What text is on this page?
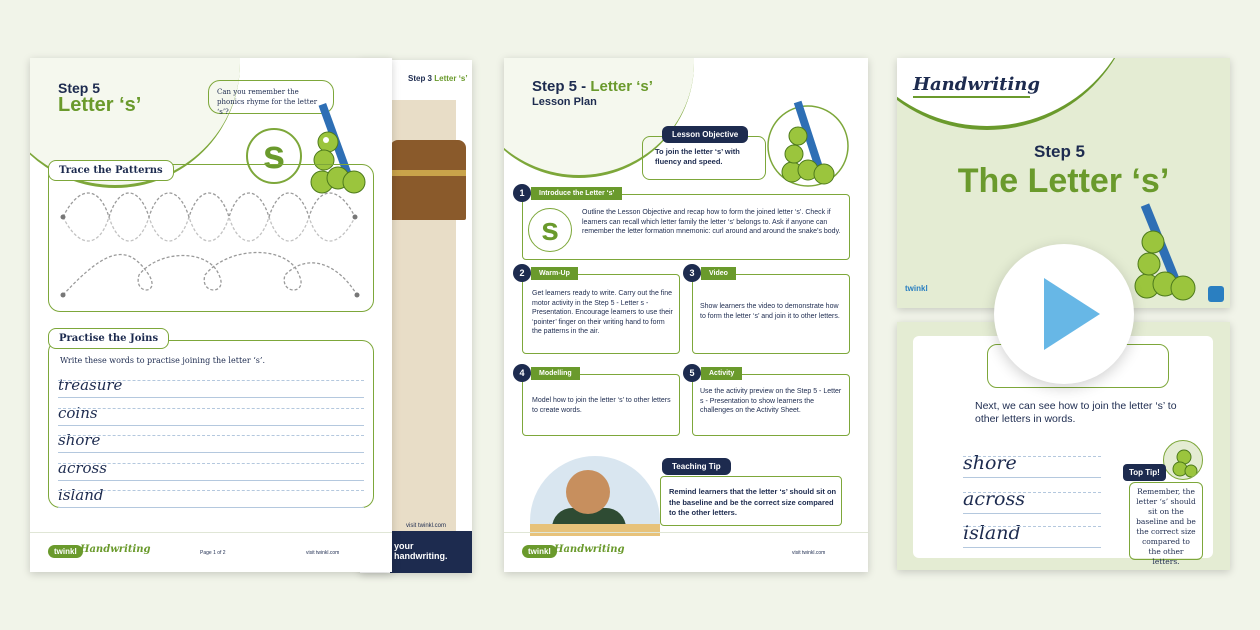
Step 3 Letter ‘s’
your handwriting.
visit twinkl.com
Step 5
Letter ‘s’
Can you remember the phonics rhyme for the letter ‘s’?
s
Trace the Patterns
Practise the Joins
Write these words to practise joining the letter ‘s’.
treasure
coins
shore
across
island
twinkl Handwriting	Page 1 of 2	visit twinkl.com
Step 5 - Letter ‘s’
Lesson Plan
To join the letter ‘s’ with fluency and speed.
Lesson Objective
1	Introduce the Letter ‘s’
s	Outline the Lesson Objective and recap how to form the joined letter ‘s’. Check if learners can recall which letter family the letter ‘s’ belongs to. Ask if anyone can remember the letter formation mnemonic: curl around and around the snake’s body.
2	Warm-Up
Get learners ready to write. Carry out the fine motor activity in the Step 5 - Letter s - Presentation. Encourage learners to use their ‘pointer’ finger on their writing hand to form the patterns in the air.
3	Video
Show learners the video to demonstrate how to form the letter ‘s’ and join it to other letters.
4	Modelling
Model how to join the letter ‘s’ to other letters to create words.
5	Activity
Use the activity preview on the Step 5 - Letter s - Presentation to show learners the challenges on the Activity Sheet.
Remind learners that the letter ‘s’ should sit on the baseline and be the correct size compared to the other letters.
Teaching Tip
twinkl Handwriting	visit twinkl.com
Handwriting
Step 5
The Letter ‘s’
twinkl
Next, we can see how to join the letter ‘s’ to other letters in words.
shore
across
island
Top Tip!
Remember, the letter ‘s’ should sit on the baseline and be the correct size compared to the other letters.
